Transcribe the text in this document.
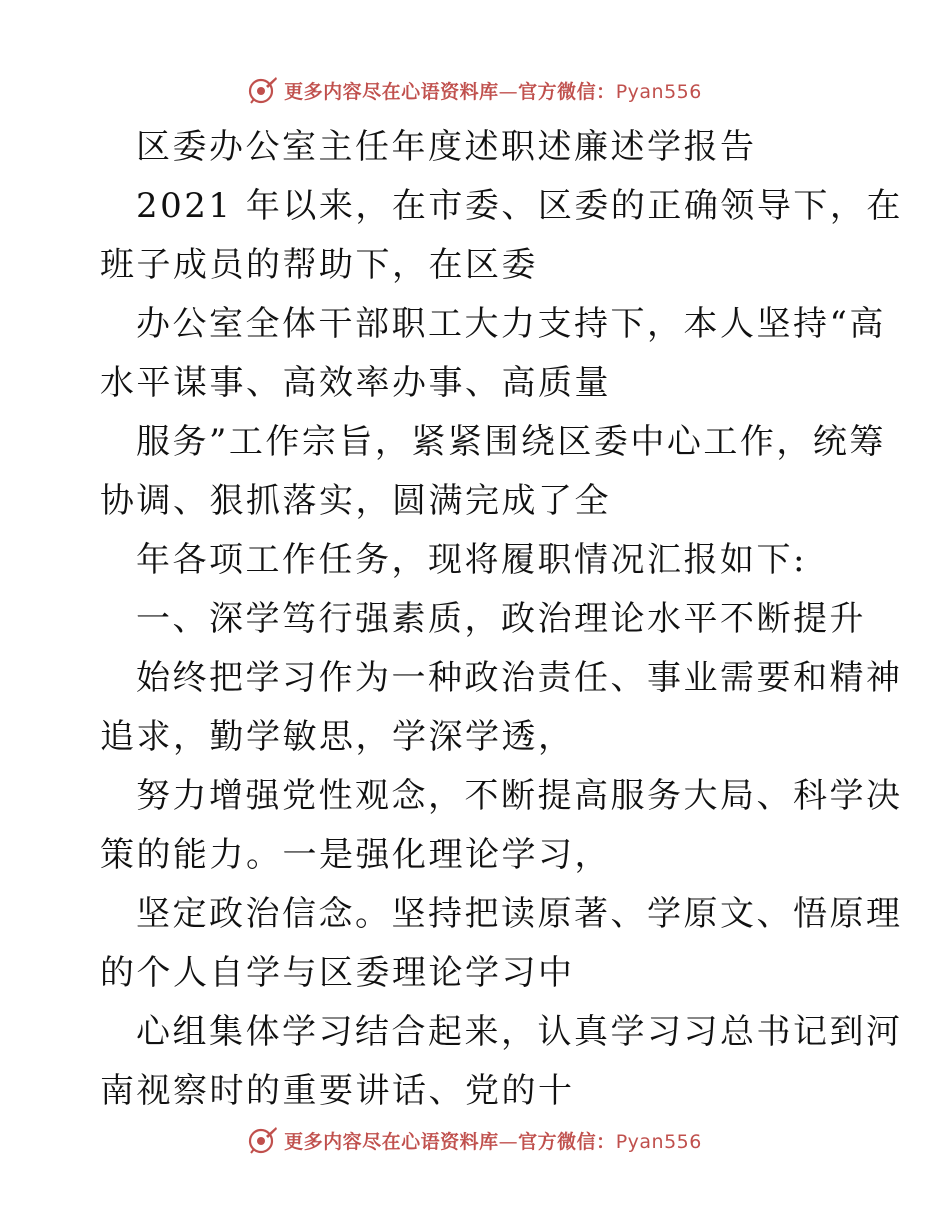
更多内容尽在心语资料库—官方微信：Pyan556
区委办公室主任年度述职述廉述学报告
2021 年以来，在市委、区委的正确领导下，在
班子成员的帮助下，在区委
办公室全体干部职工大力支持下，本人坚持“高
水平谋事、高效率办事、高质量
服务”工作宗旨，紧紧围绕区委中心工作，统筹
协调、狠抓落实，圆满完成了全
年各项工作任务，现将履职情况汇报如下:
一、深学笃行强素质，政治理论水平不断提升
始终把学习作为一种政治责任、事业需要和精神
追求，勤学敏思，学深学透，
努力增强党性观念，不断提高服务大局、科学决
策的能力。一是强化理论学习，
坚定政治信念。坚持把读原著、学原文、悟原理
的个人自学与区委理论学习中
心组集体学习结合起来，认真学习习总书记到河
南视察时的重要讲话、党的十
更多内容尽在心语资料库—官方微信：Pyan556
